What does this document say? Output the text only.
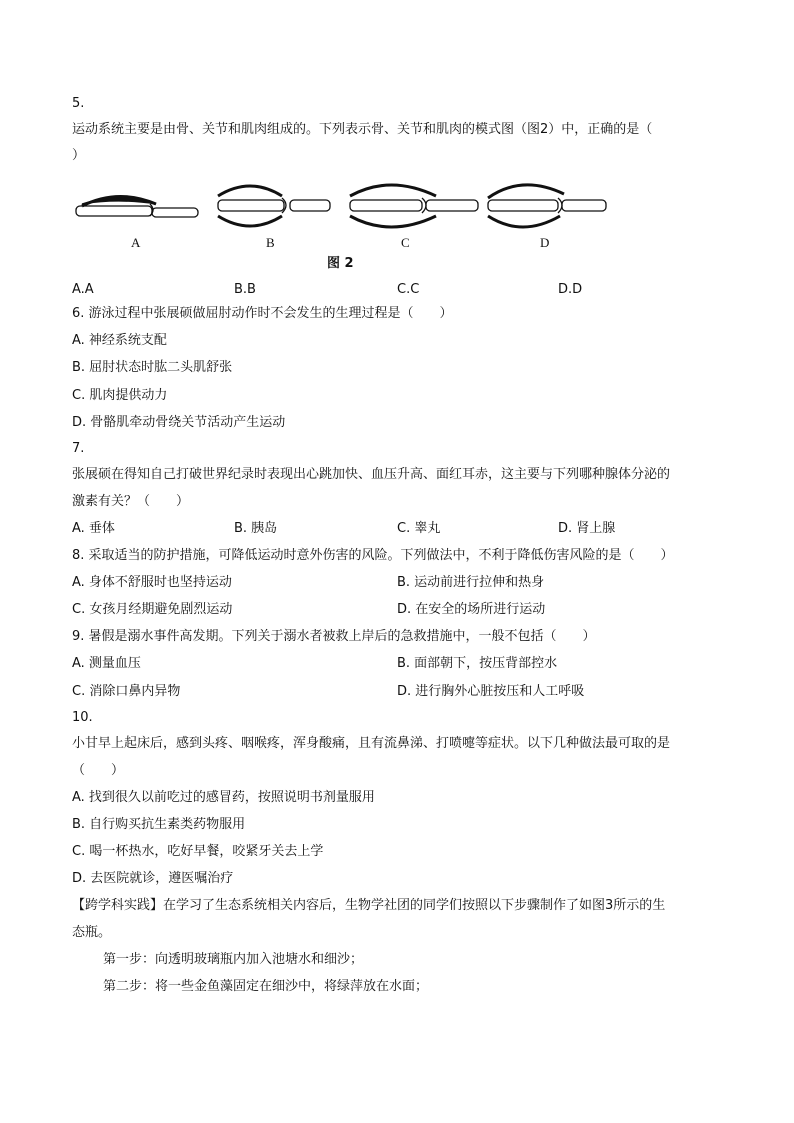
5.
运动系统主要是由骨、关节和肌肉组成的。下列表示骨、关节和肌肉的模式图（图2）中，正确的是（
）
A	B	C	D
图 2
A.A	B.B	C.C	D.D
6. 游泳过程中张展硕做屈肘动作时不会发生的生理过程是（　　）
A. 神经系统支配
B. 屈肘状态时肱二头肌舒张
C. 肌肉提供动力
D. 骨骼肌牵动骨绕关节活动产生运动
7.
张展硕在得知自己打破世界纪录时表现出心跳加快、血压升高、面红耳赤，这主要与下列哪种腺体分泌的
激素有关？（　　）
A. 垂体	B. 胰岛	C. 睾丸	D. 肾上腺
8. 采取适当的防护措施，可降低运动时意外伤害的风险。下列做法中，不利于降低伤害风险的是（　　）
A. 身体不舒服时也坚持运动	B. 运动前进行拉伸和热身
C. 女孩月经期避免剧烈运动	D. 在安全的场所进行运动
9. 暑假是溺水事件高发期。下列关于溺水者被救上岸后的急救措施中，一般不包括（　　）
A. 测量血压	B. 面部朝下，按压背部控水
C. 消除口鼻内异物	D. 进行胸外心脏按压和人工呼吸
10.
小甘早上起床后，感到头疼、咽喉疼，浑身酸痛，且有流鼻涕、打喷嚏等症状。以下几种做法最可取的是
（　　）
A. 找到很久以前吃过的感冒药，按照说明书剂量服用
B. 自行购买抗生素类药物服用
C. 喝一杯热水，吃好早餐，咬紧牙关去上学
D. 去医院就诊，遵医嘱治疗
【跨学科实践】在学习了生态系统相关内容后，生物学社团的同学们按照以下步骤制作了如图3所示的生
态瓶。
第一步：向透明玻璃瓶内加入池塘水和细沙；
第二步：将一些金鱼藻固定在细沙中，将绿萍放在水面；
